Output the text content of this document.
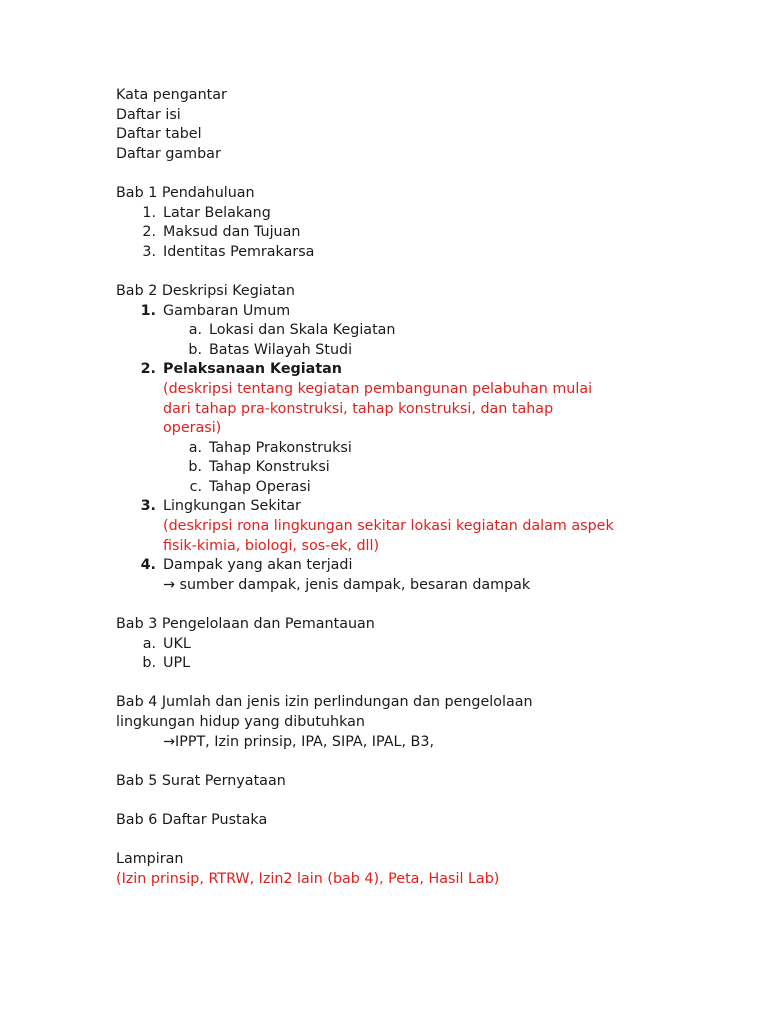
Kata pengantar
Daftar isi
Daftar tabel
Daftar gambar
Bab 1 Pendahuluan
1. Latar Belakang
2. Maksud dan Tujuan
3. Identitas Pemrakarsa
Bab 2 Deskripsi Kegiatan
1. Gambaran Umum
a. Lokasi dan Skala Kegiatan
b. Batas Wilayah Studi
2. Pelaksanaan Kegiatan
(deskripsi tentang kegiatan pembangunan pelabuhan mulai
dari tahap pra-konstruksi, tahap konstruksi, dan tahap
operasi)
a. Tahap Prakonstruksi
b. Tahap Konstruksi
c. Tahap Operasi
3. Lingkungan Sekitar
(deskripsi rona lingkungan sekitar lokasi kegiatan dalam aspek
fisik-kimia, biologi, sos-ek, dll)
4. Dampak yang akan terjadi
→ sumber dampak, jenis dampak, besaran dampak
Bab 3 Pengelolaan dan Pemantauan
a. UKL
b. UPL
Bab 4 Jumlah dan jenis izin perlindungan dan pengelolaan
lingkungan hidup yang dibutuhkan
→IPPT, Izin prinsip, IPA, SIPA, IPAL, B3,
Bab 5 Surat Pernyataan
Bab 6 Daftar Pustaka
Lampiran
(Izin prinsip, RTRW, Izin2 lain (bab 4), Peta, Hasil Lab)
